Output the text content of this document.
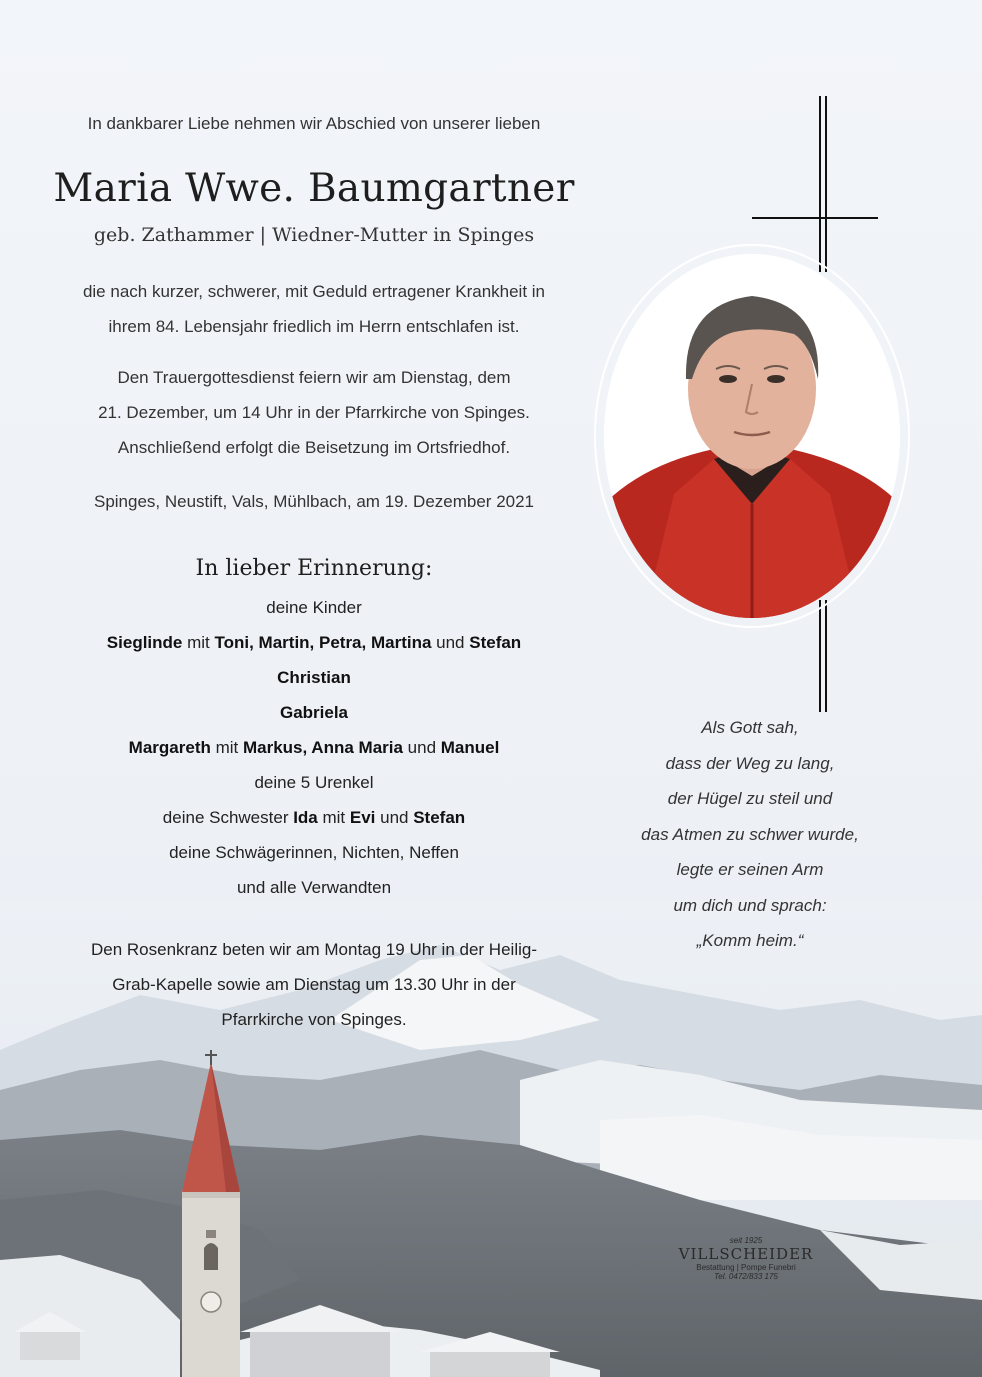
In dankbarer Liebe nehmen wir Abschied von unserer lieben
Maria Wwe. Baumgartner
geb. Zathammer | Wiedner-Mutter in Spinges
die nach kurzer, schwerer, mit Geduld ertragener Krankheit in
ihrem 84. Lebensjahr friedlich im Herrn entschlafen ist.
Den Trauergottesdienst feiern wir am Dienstag, dem
21. Dezember, um 14 Uhr in der Pfarrkirche von Spinges.
Anschließend erfolgt die Beisetzung im Ortsfriedhof.
Spinges, Neustift, Vals, Mühlbach, am 19. Dezember 2021
In lieber Erinnerung:
deine Kinder
Sieglinde mit Toni, Martin, Petra, Martina und Stefan
Christian
Gabriela
Margareth mit Markus, Anna Maria und Manuel
deine 5 Urenkel
deine Schwester Ida mit Evi und Stefan
deine Schwägerinnen, Nichten, Neffen
und alle Verwandten
Den Rosenkranz beten wir am Montag 19 Uhr in der Heilig-
Grab-Kapelle sowie am Dienstag um 13.30 Uhr in der
Pfarrkirche von Spinges.
Als Gott sah,
dass der Weg zu lang,
der Hügel zu steil und
das Atmen zu schwer wurde,
legte er seinen Arm
um dich und sprach:
„Komm heim.“
seit 1925
VILLSCHEIDER
Bestattung | Pompe Funebri
Tel. 0472/833 175
